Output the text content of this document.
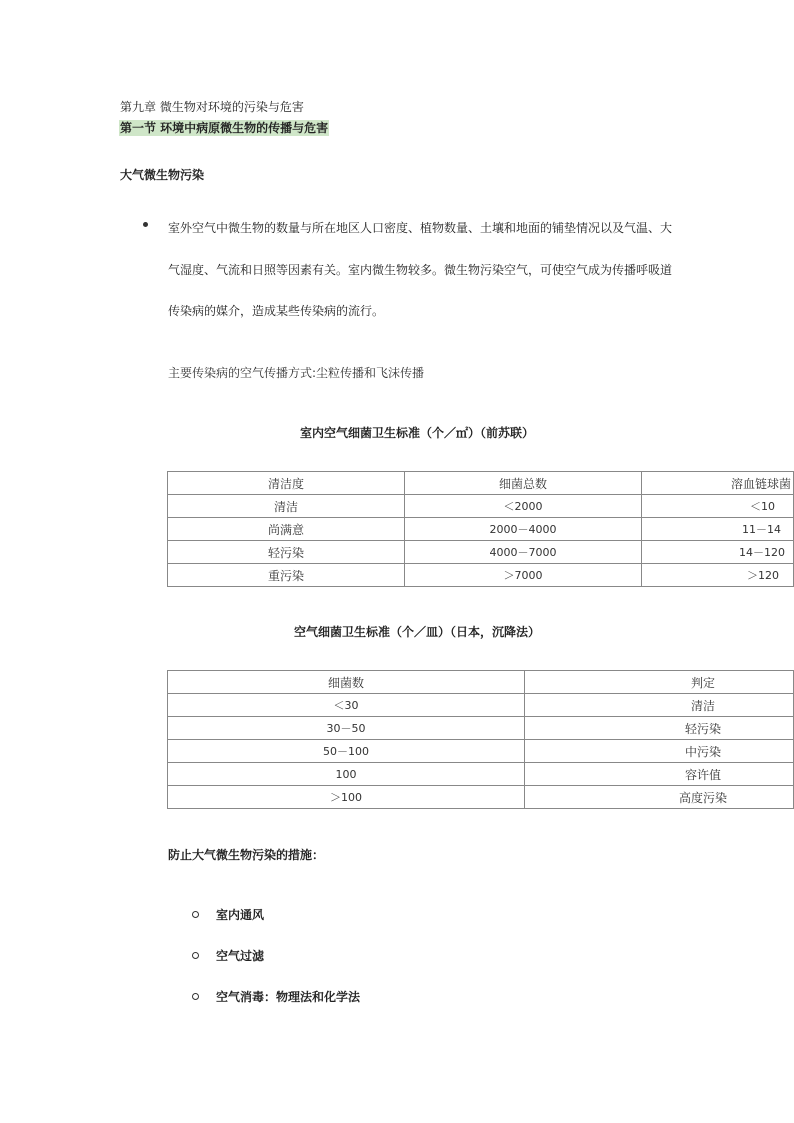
第九章 微生物对环境的污染与危害
第一节 环境中病原微生物的传播与危害
大气微生物污染
室外空气中微生物的数量与所在地区人口密度、植物数量、土壤和地面的铺垫情况以及气温、大
气湿度、气流和日照等因素有关。室内微生物较多。微生物污染空气，可使空气成为传播呼吸道
传染病的媒介，造成某些传染病的流行。
主要传染病的空气传播方式:尘粒传播和飞沫传播
室内空气细菌卫生标准（个／㎡）（前苏联）
清洁度	细菌总数	溶血链球菌
清洁	＜2000	＜10
尚满意	2000－4000	11－14
轻污染	4000－7000	14－120
重污染	＞7000	＞120
空气细菌卫生标准（个／皿）（日本，沉降法）
细菌数	判定
＜30	清洁
30－50	轻污染
50－100	中污染
100	容许值
＞100	高度污染
防止大气微生物污染的措施：
室内通风
空气过滤
空气消毒：物理法和化学法
